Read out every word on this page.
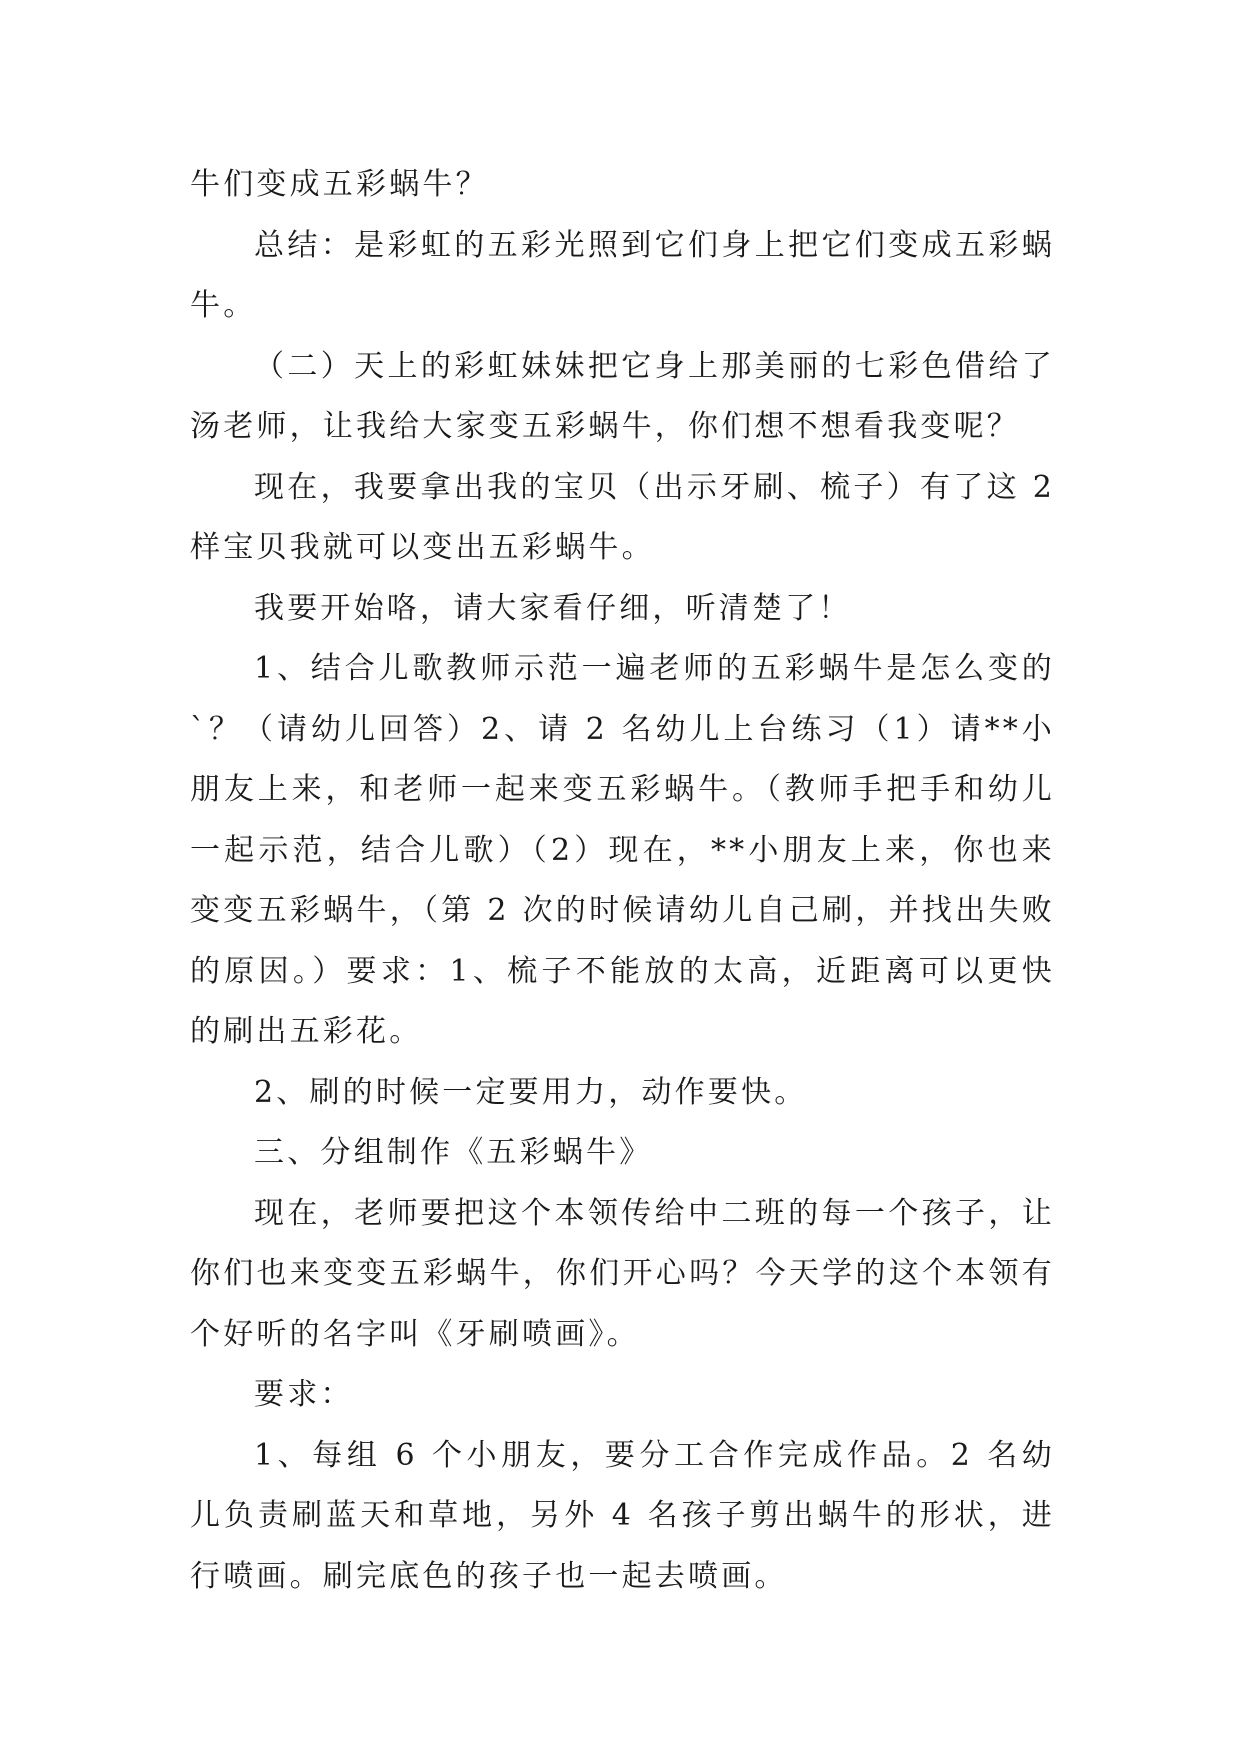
牛们变成五彩蜗牛？

总结：是彩虹的五彩光照到它们身上把它们变成五彩蜗牛。

（二）天上的彩虹妹妹把它身上那美丽的七彩色借给了汤老师，让我给大家变五彩蜗牛，你们想不想看我变呢？

现在，我要拿出我的宝贝（出示牙刷、梳子）有了这 2 样宝贝我就可以变出五彩蜗牛。

我要开始咯，请大家看仔细，听清楚了！

1、结合儿歌教师示范一遍老师的五彩蜗牛是怎么变的`？（请幼儿回答）2、请 2 名幼儿上台练习（1）请**小朋友上来，和老师一起来变五彩蜗牛。（教师手把手和幼儿一起示范，结合儿歌）（2）现在，**小朋友上来，你也来变变五彩蜗牛，（第 2 次的时候请幼儿自己刷，并找出失败的原因。）要求：1、梳子不能放的太高，近距离可以更快的刷出五彩花。

2、刷的时候一定要用力，动作要快。

三、分组制作《五彩蜗牛》

现在，老师要把这个本领传给中二班的每一个孩子，让你们也来变变五彩蜗牛，你们开心吗？今天学的这个本领有个好听的名字叫《牙刷喷画》。

要求：

1、每组 6 个小朋友，要分工合作完成作品。2 名幼儿负责刷蓝天和草地，另外 4 名孩子剪出蜗牛的形状，进行喷画。刷完底色的孩子也一起去喷画。
